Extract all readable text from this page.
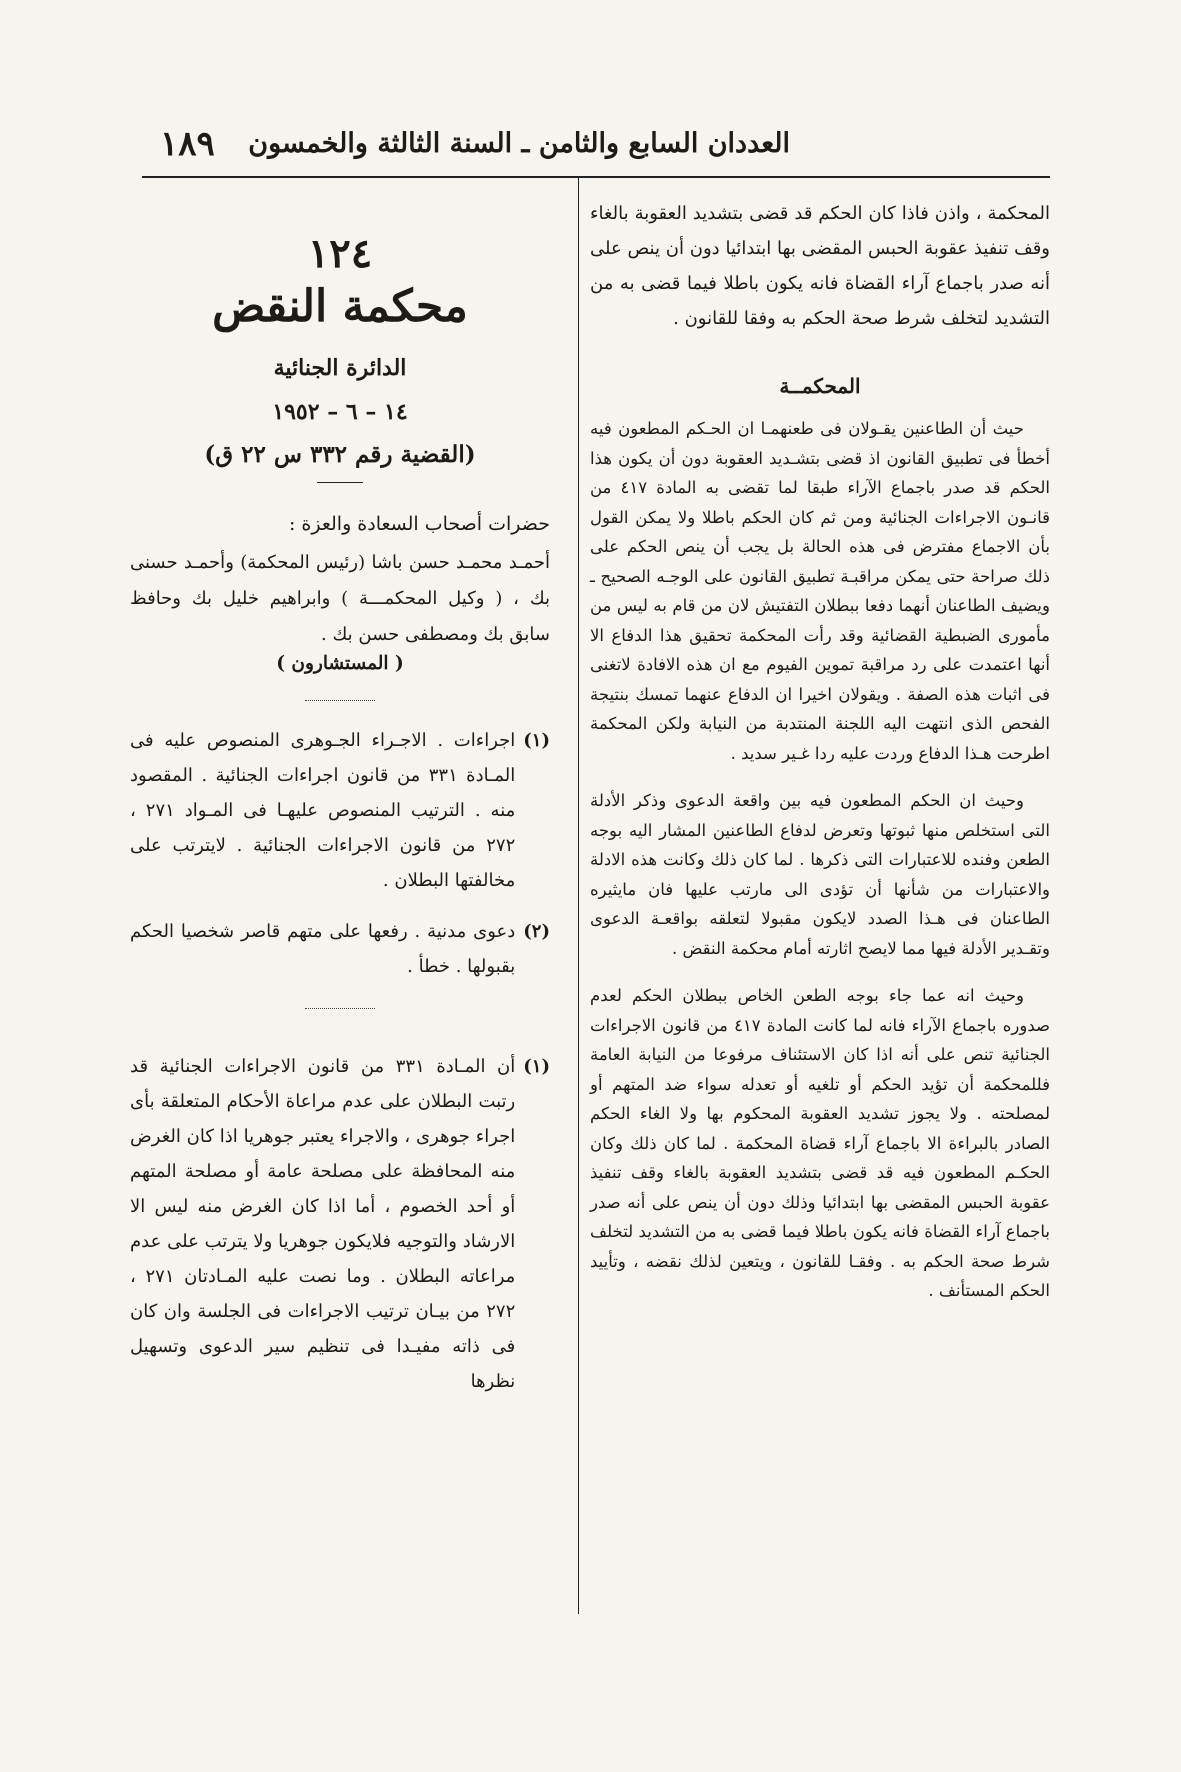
العددان السابع والثامن ـ السنة الثالثة والخمسون
١٨٩

المحكمة ، واذن فاذا كان الحكم قد قضى بتشديد العقوبة بالغاء وقف تنفيذ عقوبة الحبس المقضى بها ابتدائيا دون أن ينص على أنه صدر باجماع آراء القضاة فانه يكون باطلا فيما قضى به من التشديد لتخلف شرط صحة الحكم به وفقا للقانون .

المحكمــة

حيث أن الطاعنين يقـولان فى طعنهمـا ان الحـكم المطعون فيه أخطأ فى تطبيق القانون اذ قضى بتشـديد العقوبة دون أن يكون هذا الحكم قد صدر باجماع الآراء طبقا لما تقضى به المادة ٤١٧ من قانـون الاجراءات الجنائية ومن ثم كان الحكم باطلا ولا يمكن القول بأن الاجماع مفترض فى هذه الحالة بل يجب أن ينص الحكم على ذلك صراحة حتى يمكن مراقبـة تطبيق القانون على الوجـه الصحيح ـ ويضيف الطاعنان أنهما دفعا ببطلان التفتيش لان من قام به ليس من مأمورى الضبطية القضائية وقد رأت المحكمة تحقيق هذا الدفاع الا أنها اعتمدت على رد مراقبة تموين الفيوم مع ان هذه الافادة لاتغنى فى اثبات هذه الصفة . ويقولان اخيرا ان الدفاع عنهما تمسك بنتيجة الفحص الذى انتهت اليه اللجنة المنتدبة من النيابة ولكن المحكمة اطرحت هـذا الدفاع وردت عليه ردا غـير سديد .

وحيث ان الحكم المطعون فيه بين واقعة الدعوى وذكر الأدلة التى استخلص منها ثبوتها وتعرض لدفاع الطاعنين المشار اليه بوجه الطعن وفنده للاعتبارات التى ذكرها . لما كان ذلك وكانت هذه الادلة والاعتبارات من شأنها أن تؤدى الى مارتب عليها فان مايثيره الطاعنان فى هـذا الصدد لايكون مقبولا لتعلقه بواقعـة الدعوى وتقـدير الأدلة فيها مما لايصح اثارته أمام محكمة النقض .

وحيث انه عما جاء بوجه الطعن الخاص ببطلان الحكم لعدم صدوره باجماع الآراء فانه لما كانت المادة ٤١٧ من قانون الاجراءات الجنائية تنص على أنه اذا كان الاستئناف مرفوعا من النيابة العامة فللمحكمة أن تؤيد الحكم أو تلغيه أو تعدله سواء ضد المتهم أو لمصلحته . ولا يجوز تشديد العقوبة المحكوم بها ولا الغاء الحكم الصادر بالبراءة الا باجماع آراء قضاة المحكمة . لما كان ذلك وكان الحكـم المطعون فيه قد قضى بتشديد العقوبة بالغاء وقف تنفيذ عقوبة الحبس المقضى بها ابتدائيا وذلك دون أن ينص على أنه صدر باجماع آراء القضاة فانه يكون باطلا فيما قضى به من التشديد لتخلف شرط صحة الحكم به . وفقـا للقانون ، ويتعين لذلك نقضه ، وتأييد الحكم المستأنف .

١٢٤

محكمة النقض

الدائرة الجنائية

١٤ – ٦ – ١٩٥٢

(القضية رقم ٣٣٢ س ٢٢ ق)

حضرات أصحاب السعادة والعزة :

أحمـد محمـد حسن باشا (رئيس المحكمة) وأحمـد حسنى بك ، ( وكيل المحكمـــة ) وابراهيم خليل بك وحافظ سابق بك ومصطفى حسن بك .

( المستشارون )

(١)
اجراءات . الاجـراء الجـوهرى المنصوص عليه فى المـادة ٣٣١ من قانون اجراءات الجنائية . المقصود منه . الترتيب المنصوص عليهـا فى المـواد ٢٧١ ، ٢٧٢ من قانون الاجراءات الجنائية . لايترتب على مخالفتها البطلان .
(٢)
دعوى مدنية . رفعها على متهم قاصر شخصيا الحكم بقبولها . خطأ .
(١)
أن المـادة ٣٣١ من قانون الاجراءات الجنائية قد رتبت البطلان على عدم مراعاة الأحكام المتعلقة بأى اجراء جوهرى ، والاجراء يعتبر جوهريا اذا كان الغرض منه المحافظة على مصلحة عامة أو مصلحة المتهم أو أحد الخصوم ، أما اذا كان الغرض منه ليس الا الارشاد والتوجيه فلايكون جوهريا ولا يترتب على عدم مراعاته البطلان . وما نصت عليه المـادتان ٢٧١ ، ٢٧٢ من بيـان ترتيب الاجراءات فى الجلسة وان كان فى ذاته مفيـدا فى تنظيم سير الدعوى وتسهيل نظرها
